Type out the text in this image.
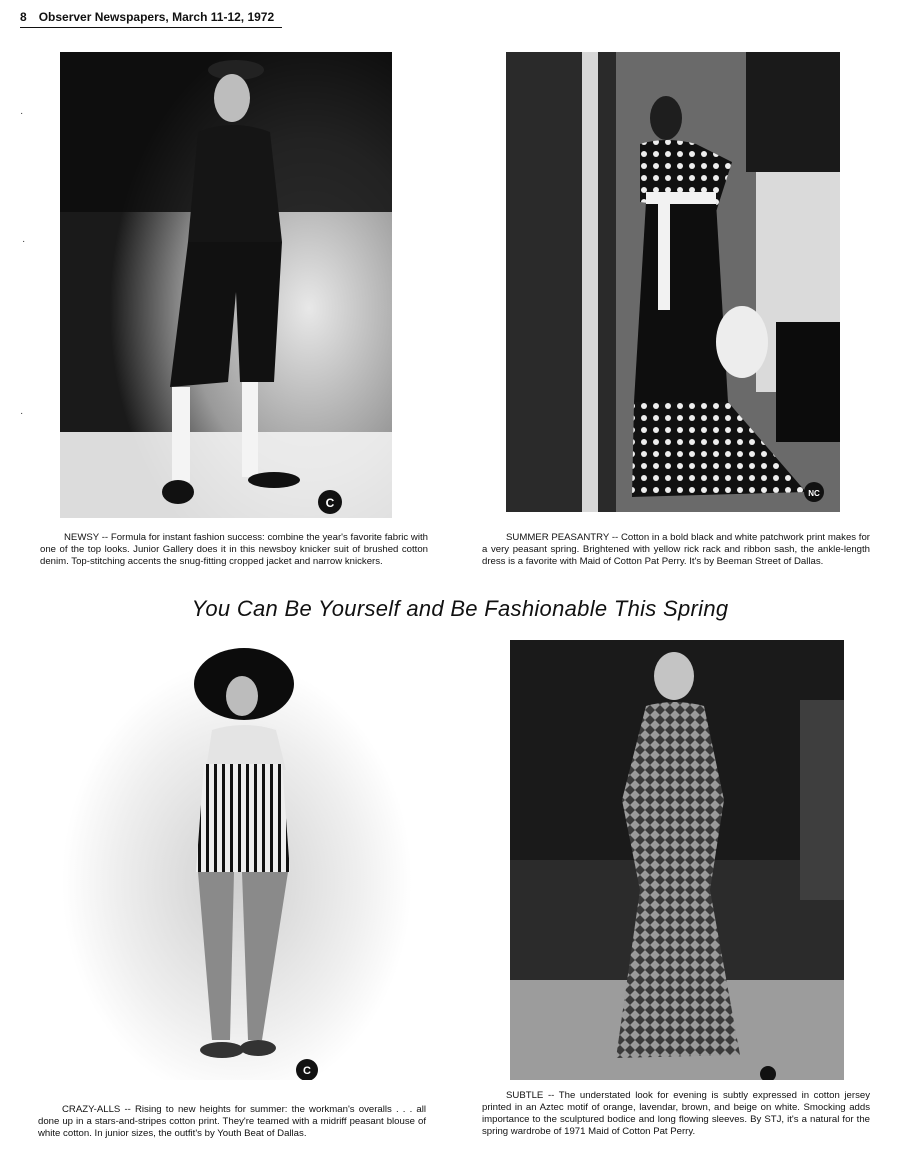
8 Observer Newspapers, March 11-12, 1972
·
·
·
C
NC
NEWSY -- Formula for instant fashion success: combine the year's favorite fabric with one of the top looks. Junior Gallery does it in this newsboy knicker suit of brushed cotton denim. Top-stitching accents the snug-fitting cropped jacket and narrow knickers.
SUMMER PEASANTRY -- Cotton in a bold black and white patchwork print makes for a very peasant spring. Brightened with yellow rick rack and ribbon sash, the ankle-length dress is a favorite with Maid of Cotton Pat Perry. It's by Beeman Street of Dallas.
You Can Be Yourself and Be Fashionable This Spring
C
CRAZY-ALLS -- Rising to new heights for summer: the workman's overalls . . . all done up in a stars-and-stripes cotton print. They're teamed with a midriff peasant blouse of white cotton. In junior sizes, the outfit's by Youth Beat of Dallas.
SUBTLE -- The understated look for evening is subtly expressed in cotton jersey printed in an Aztec motif of orange, lavendar, brown, and beige on white. Smocking adds importance to the sculptured bodice and long flowing sleeves. By STJ, it's a natural for the spring wardrobe of 1971 Maid of Cotton Pat Perry.
